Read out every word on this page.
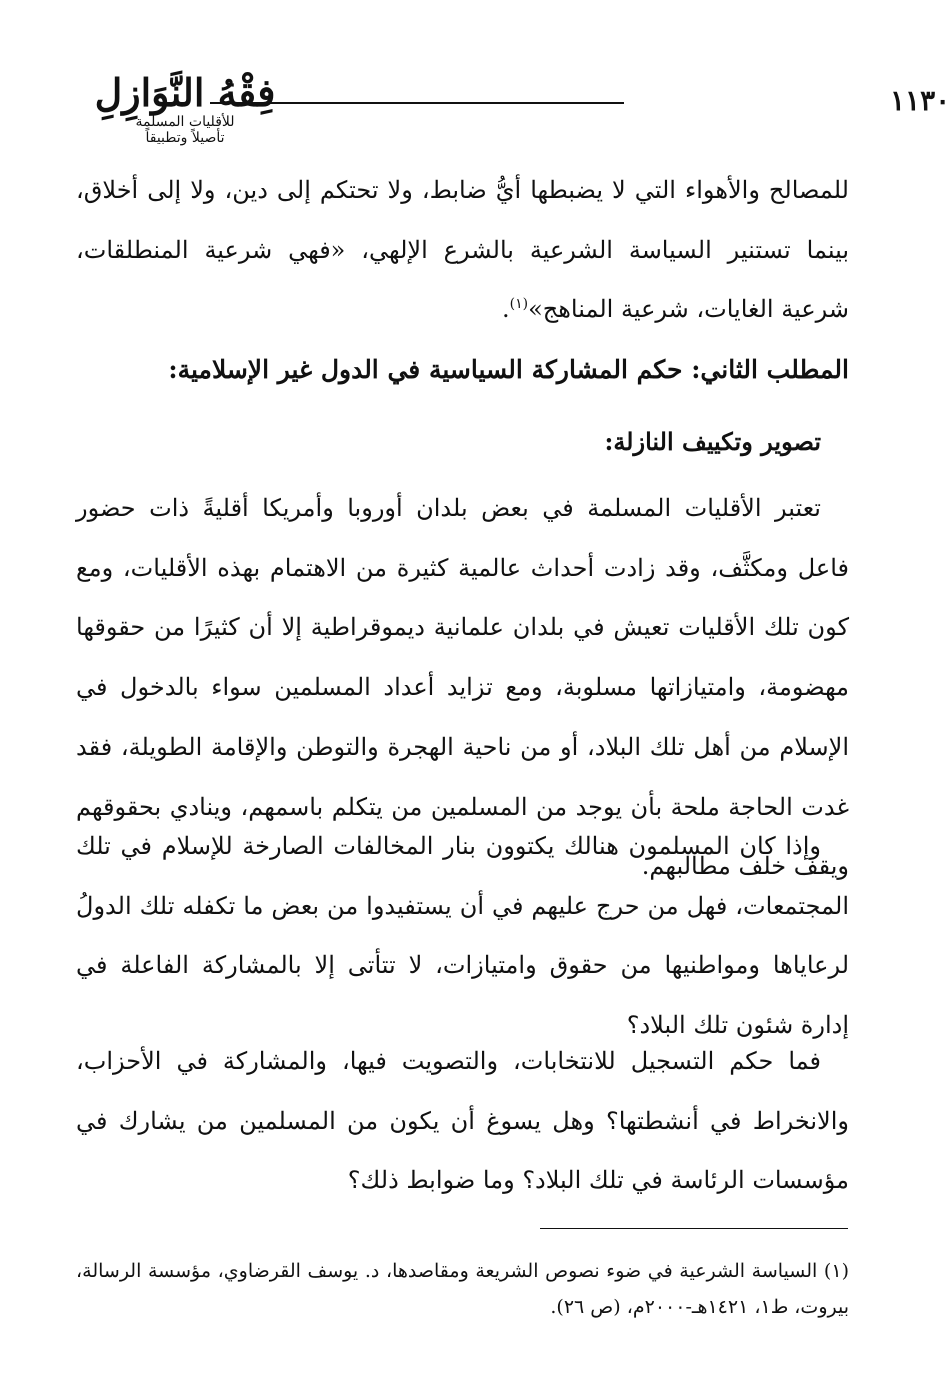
فِقْهُ النَّوَازِلِ
للأقليات المسلمة
تأصيلاً وتطبيقاً
١١٣٠
للمصالح والأهواء التي لا يضبطها أيُّ ضابط، ولا تحتكم إلى دين، ولا إلى أخلاق، بينما تستنير السياسة الشرعية بالشرع الإلهي، «فهي شرعية المنطلقات، شرعية الغايات، شرعية المناهج»$^{(١)}$.
المطلب الثاني: حكم المشاركة السياسية في الدول غير الإسلامية:
تصوير وتكييف النازلة:

تعتبر الأقليات المسلمة في بعض بلدان أوروبا وأمريكا أقليةً ذات حضور فاعل ومكثَّف، وقد زادت أحداث عالمية كثيرة من الاهتمام بهذه الأقليات، ومع كون تلك الأقليات تعيش في بلدان علمانية ديموقراطية إلا أن كثيرًا من حقوقها مهضومة، وامتيازاتها مسلوبة، ومع تزايد أعداد المسلمين سواء بالدخول في الإسلام من أهل تلك البلاد، أو من ناحية الهجرة والتوطن والإقامة الطويلة، فقد غدت الحاجة ملحة بأن يوجد من المسلمين من يتكلم باسمهم، وينادي بحقوقهم ويقف خلف مطالبهم.

وإذا كان المسلمون هنالك يكتوون بنار المخالفات الصارخة للإسلام في تلك المجتمعات، فهل من حرج عليهم في أن يستفيدوا من بعض ما تكفله تلك الدولُ لرعاياها ومواطنيها من حقوق وامتيازات، لا تتأتى إلا بالمشاركة الفاعلة في إدارة شئون تلك البلاد؟

فما حكم التسجيل للانتخابات، والتصويت فيها، والمشاركة في الأحزاب، والانخراط في أنشطتها؟ وهل يسوغ أن يكون من المسلمين من يشارك في مؤسسات الرئاسة في تلك البلاد؟ وما ضوابط ذلك؟

(١) السياسة الشرعية في ضوء نصوص الشريعة ومقاصدها، د. يوسف القرضاوي، مؤسسة الرسالة، بيروت، ط١، ١٤٢١هـ-٢٠٠٠م، (ص ٢٦).
